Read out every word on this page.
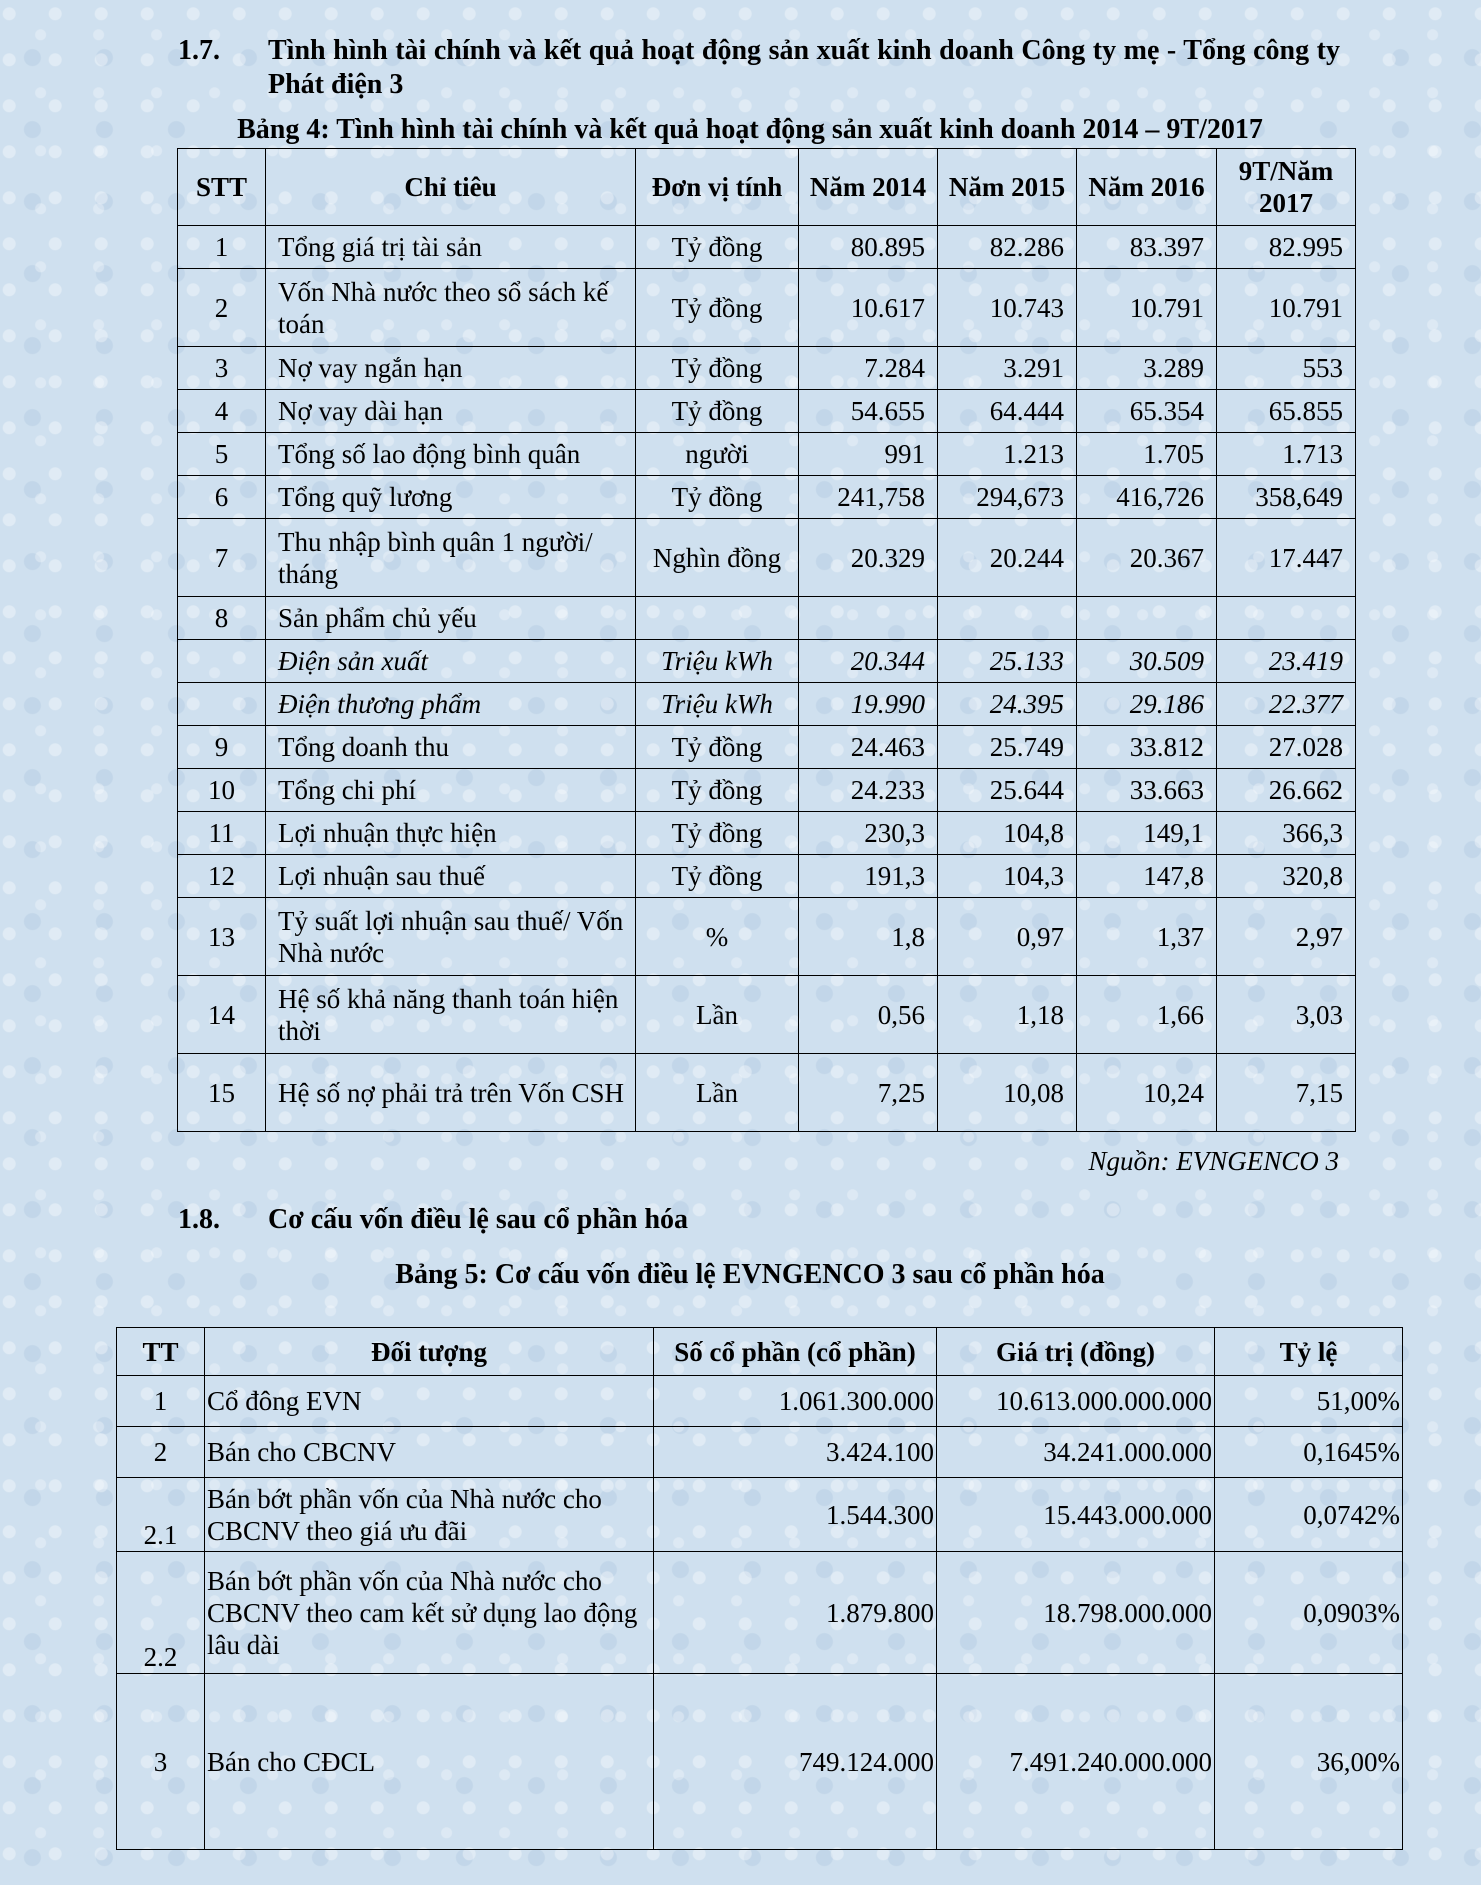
1.7. Tình hình tài chính và kết quả hoạt động sản xuất kinh doanh Công ty mẹ - Tổng công ty Phát điện 3
Bảng 4: Tình hình tài chính và kết quả hoạt động sản xuất kinh doanh 2014 – 9T/2017
STT	Chỉ tiêu	Đơn vị tính	Năm 2014	Năm 2015	Năm 2016	9T/Năm 2017
1	Tổng giá trị tài sản	Tỷ đồng	80.895	82.286	83.397	82.995
2	Vốn Nhà nước theo sổ sách kế toán	Tỷ đồng	10.617	10.743	10.791	10.791
3	Nợ vay ngắn hạn	Tỷ đồng	7.284	3.291	3.289	553
4	Nợ vay dài hạn	Tỷ đồng	54.655	64.444	65.354	65.855
5	Tổng số lao động bình quân	người	991	1.213	1.705	1.713
6	Tổng quỹ lương	Tỷ đồng	241,758	294,673	416,726	358,649
7	Thu nhập bình quân 1 người/ tháng	Nghìn đồng	20.329	20.244	20.367	17.447
8	Sản phẩm chủ yếu					
	Điện sản xuất	Triệu kWh	20.344	25.133	30.509	23.419
	Điện thương phẩm	Triệu kWh	19.990	24.395	29.186	22.377
9	Tổng doanh thu	Tỷ đồng	24.463	25.749	33.812	27.028
10	Tổng chi phí	Tỷ đồng	24.233	25.644	33.663	26.662
11	Lợi nhuận thực hiện	Tỷ đồng	230,3	104,8	149,1	366,3
12	Lợi nhuận sau thuế	Tỷ đồng	191,3	104,3	147,8	320,8
13	Tỷ suất lợi nhuận sau thuế/ Vốn Nhà nước	%	1,8	0,97	1,37	2,97
14	Hệ số khả năng thanh toán hiện thời	Lần	0,56	1,18	1,66	3,03
15	Hệ số nợ phải trả trên Vốn CSH	Lần	7,25	10,08	10,24	7,15
Nguồn: EVNGENCO 3
1.8. Cơ cấu vốn điều lệ sau cổ phần hóa
Bảng 5: Cơ cấu vốn điều lệ EVNGENCO 3 sau cổ phần hóa
TT	Đối tượng	Số cổ phần (cổ phần)	Giá trị (đồng)	Tỷ lệ
1	Cổ đông EVN	1.061.300.000	10.613.000.000.000	51,00%
2	Bán cho CBCNV	3.424.100	34.241.000.000	0,1645%
2.1	Bán bớt phần vốn của Nhà nước cho CBCNV theo giá ưu đãi	1.544.300	15.443.000.000	0,0742%
2.2	Bán bớt phần vốn của Nhà nước cho CBCNV theo cam kết sử dụng lao động lâu dài	1.879.800	18.798.000.000	0,0903%
3	Bán cho CĐCL	749.124.000	7.491.240.000.000	36,00%
